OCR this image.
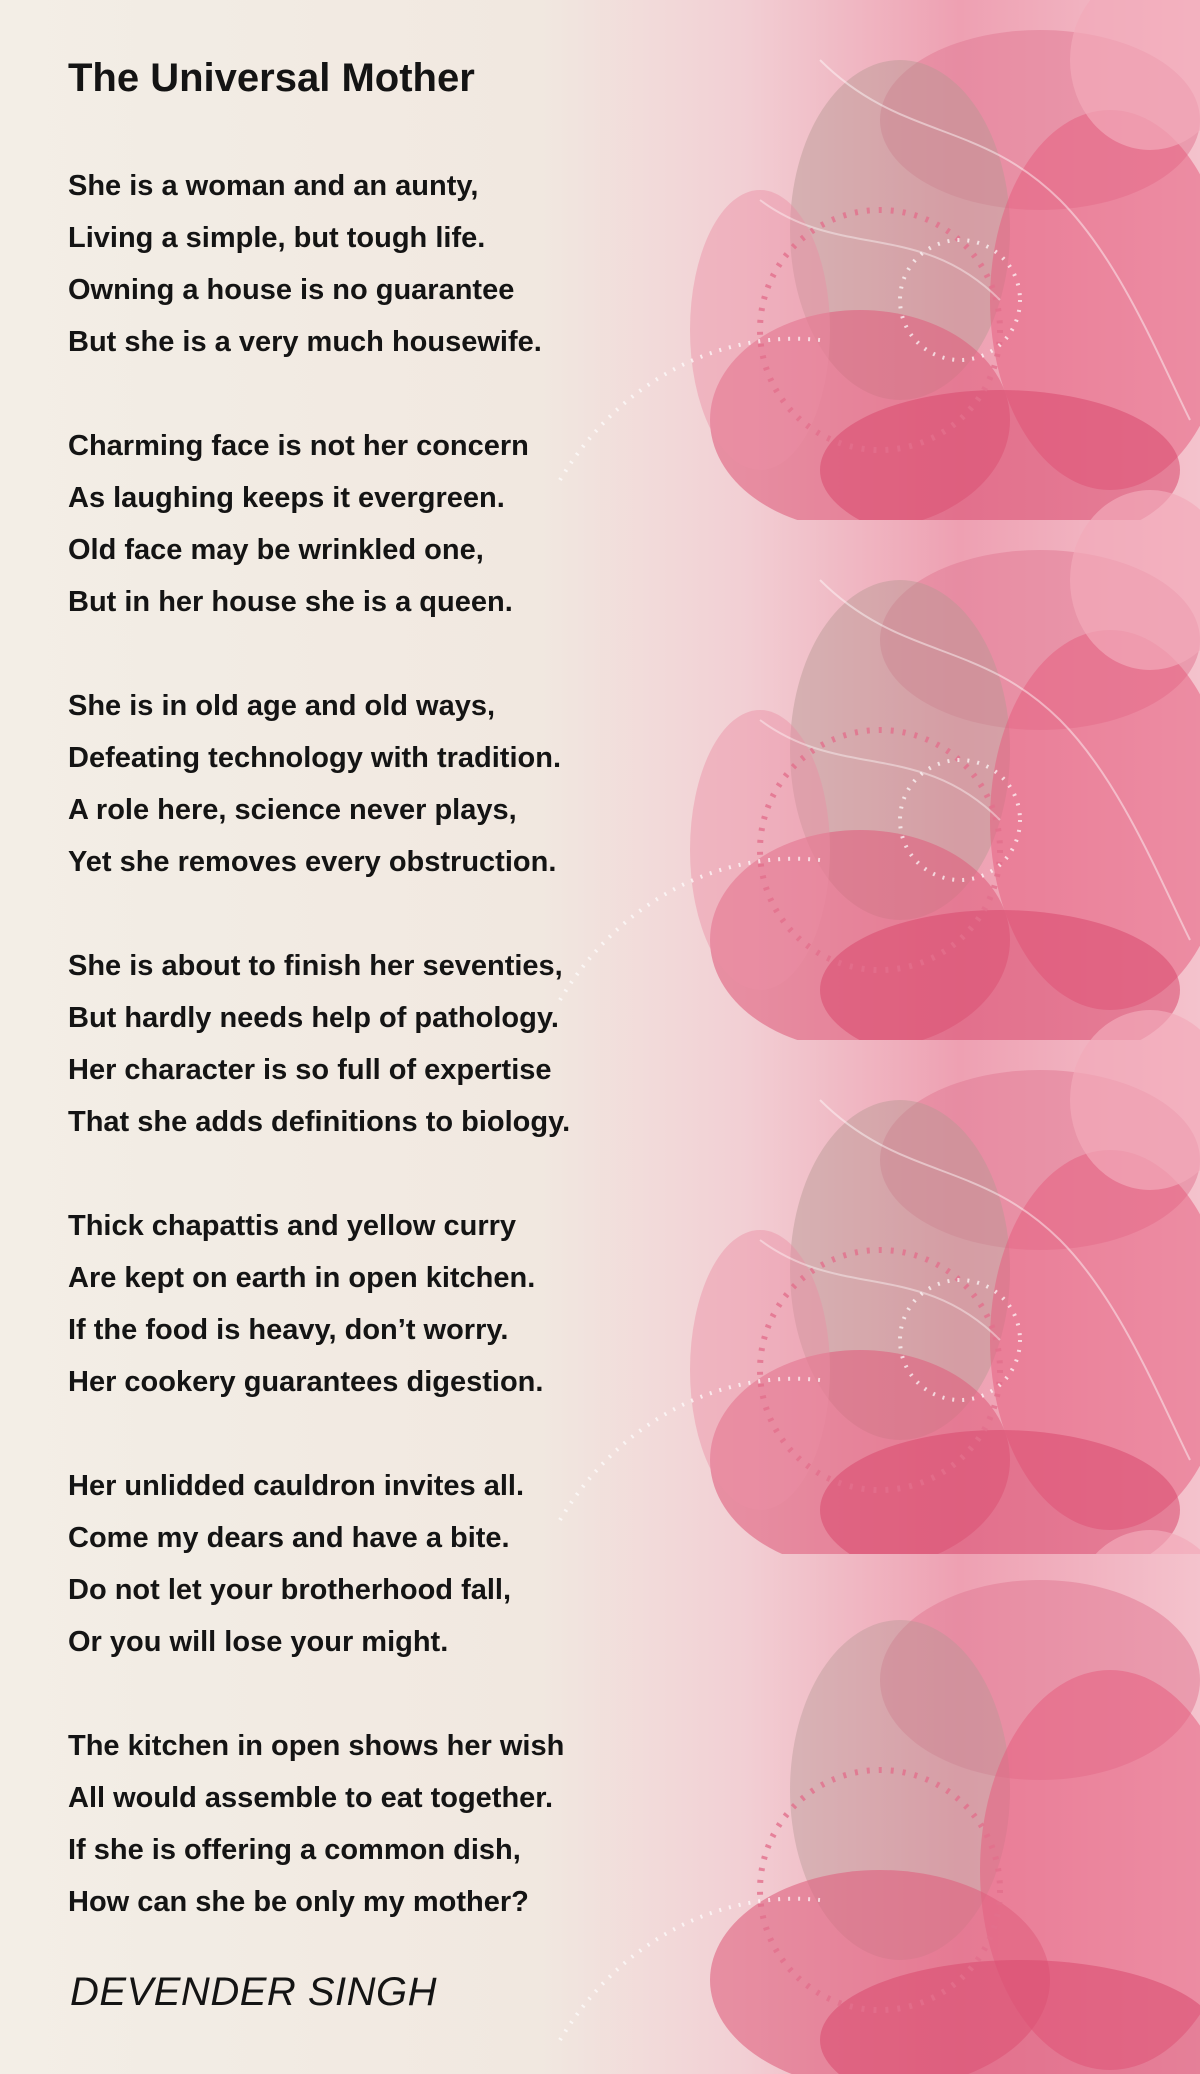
The Universal Mother
She is a woman and an aunty,
Living a simple, but tough life.
Owning a house is no guarantee
But she is a very much housewife.
Charming face is not her concern
As laughing keeps it evergreen.
Old face may be wrinkled one,
But in her house she is a queen.
She is in old age and old ways,
Defeating technology with tradition.
A role here, science never plays,
Yet she removes every obstruction.
She is about to finish her seventies,
But hardly needs help of pathology.
Her character is so full of expertise
That she adds definitions to biology.
Thick chapattis and yellow curry
Are kept on earth in open kitchen.
If the food is heavy, don’t worry.
Her cookery guarantees digestion.
Her unlidded cauldron invites all.
Come my dears and have a bite.
Do not let your brotherhood fall,
Or you will lose your might.
The kitchen in open shows her wish
All would assemble to eat together.
If she is offering a common dish,
How can she be only my mother?
DEVENDER SINGH
